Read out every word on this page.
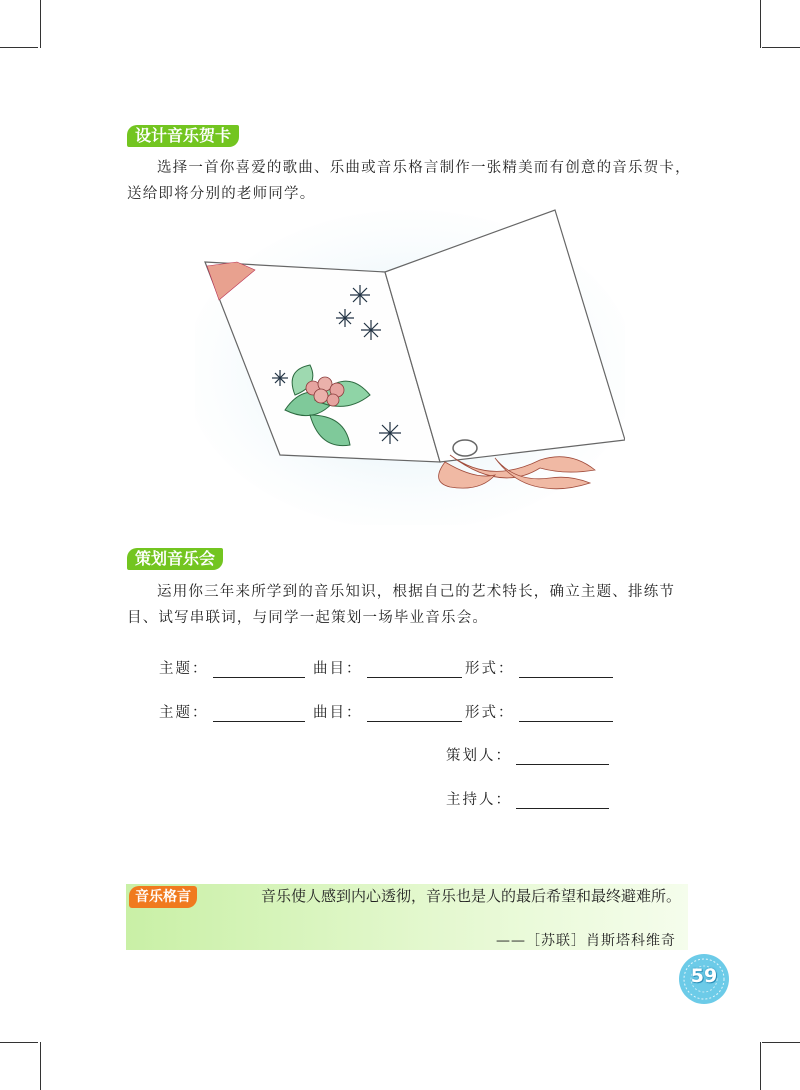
设计音乐贺卡
选择一首你喜爱的歌曲、乐曲或音乐格言制作一张精美而有创意的音乐贺卡，送给即将分别的老师同学。
策划音乐会
运用你三年来所学到的音乐知识，根据自己的艺术特长，确立主题、排练节目、试写串联词，与同学一起策划一场毕业音乐会。
主题：	曲目：	形式：
主题：	曲目：	形式：
策划人：
主持人：
音乐格言	音乐使人感到内心透彻，音乐也是人的最后希望和最终避难所。
——［苏联］肖斯塔科维奇
59
